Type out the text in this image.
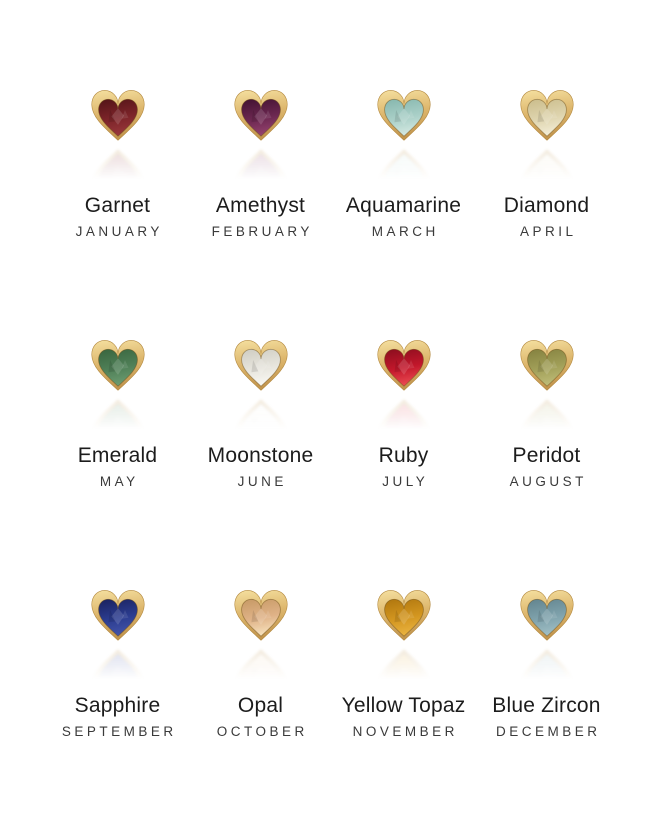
Garnet
JANUARY
Amethyst
FEBRUARY
Aquamarine
MARCH
Diamond
APRIL
Emerald
MAY
Moonstone
JUNE
Ruby
JULY
Peridot
AUGUST
Sapphire
SEPTEMBER
Opal
OCTOBER
Yellow Topaz
NOVEMBER
Blue Zircon
DECEMBER
